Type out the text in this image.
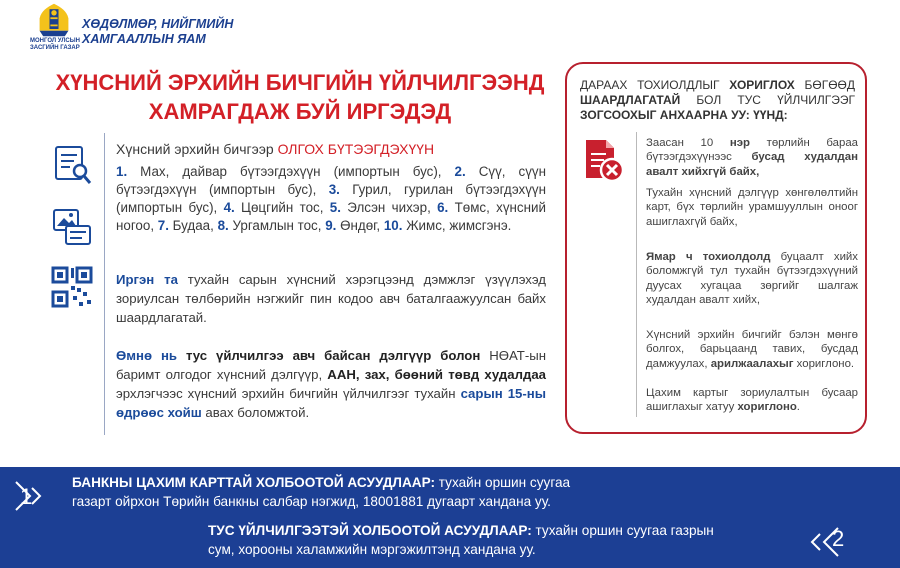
МОНГОЛ УЛСЫН ЗАСГИЙН ГАЗАР
ХӨДӨЛМӨР, НИЙГМИЙН
ХАМГААЛЛЫН ЯАМ
ХҮНСНИЙ ЭРХИЙН БИЧГИЙН ҮЙЛЧИЛГЭЭНД
ХАМРАГДАЖ БУЙ ИРГЭДЭД
Хүнсний эрхийн бичгээр ОЛГОХ БҮТЭЭГДЭХҮҮН
1. Мах, дайвар бүтээгдэхүүн (импортын бус), 2. Сүү, сүүн бүтээгдэхүүн (импортын бус), 3. Гурил, гурилан бүтээгдэхүүн (импортын бус), 4. Цөцгийн тос, 5. Элсэн чихэр, 6. Төмс, хүнсний ногоо, 7. Будаа, 8. Ургамлын тос, 9. Өндөг, 10. Жимс, жимсгэнэ.
Иргэн та тухайн сарын хүнсний хэрэгцээнд дэмжлэг үзүүлэхэд зориулсан төлбөрийн нэгжийг пин кодоо авч баталгаажуулсан байх шаардлагатай.
Өмнө нь тус үйлчилгээ авч байсан дэлгүүр болон НӨАТ-ын баримт олгодог хүнсний дэлгүүр, ААН, зах, бөөний төвд худалдаа эрхлэгчээс хүнсний эрхийн бичгийн үйлчилгээг тухайн сарын 15-ны өдрөөс хойш авах боломжтой.
ДАРААХ ТОХИОЛДЛЫГ ХОРИГЛОХ БӨГӨӨД ШААРДЛАГАТАЙ БОЛ ТУС ҮЙЛЧИЛГЭЭГ ЗОГСООХЫГ АНХААРНА УУ: ҮҮНД:
Заасан 10 нэр төрлийн бараа бүтээгдэхүүнээс бусад худалдан авалт хийхгүй байх,
Тухайн хүнсний дэлгүүр хөнгөлөлтийн карт, бүх төрлийн урамшууллын оноог ашиглахгүй байх,
Ямар ч тохиолдолд буцаалт хийх боломжгүй тул тухайн бүтээгдэхүүний дуусах хугацаа зөргийг шалгаж худалдан авалт хийх,
Хүнсний эрхийн бичгийг бэлэн мөнгө болгох, барьцаанд тавих, бусдад дамжуулах, арилжаалахыг хориглоно.
Цахим картыг зориулалтын бусаар ашиглахыг хатуу хориглоно.
1
БАНКНЫ ЦАХИМ КАРТТАЙ ХОЛБООТОЙ АСУУДЛААР: тухайн оршин суугаа
газарт ойрхон Төрийн банкны салбар нэгжид, 18001881 дугаарт хандана уу.
ТУС ҮЙЛЧИЛГЭЭТЭЙ ХОЛБООТОЙ АСУУДЛААР: тухайн оршин суугаа газрын
сум, хорооны халамжийн мэргэжилтэнд хандана уу.	2
